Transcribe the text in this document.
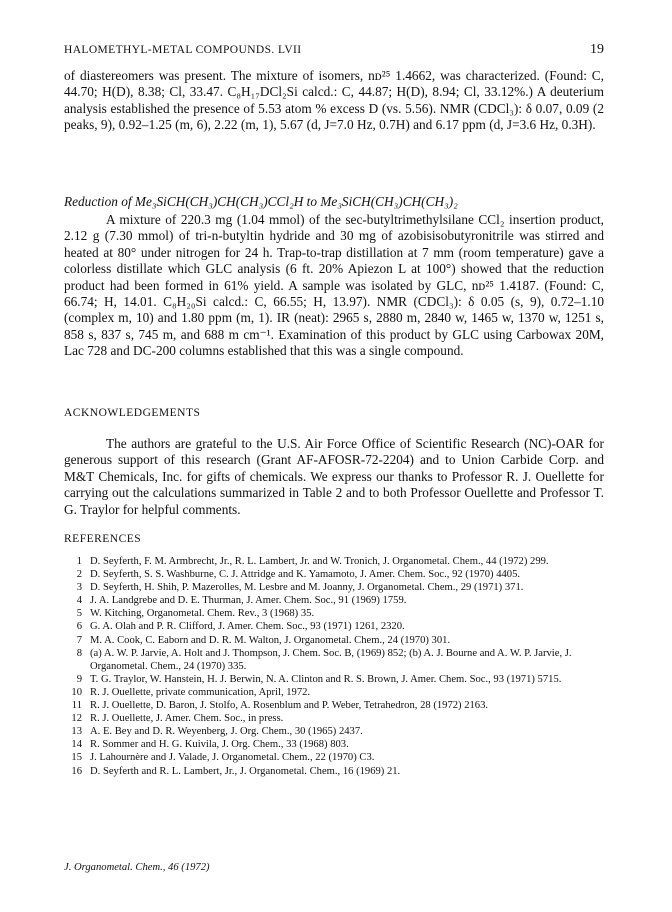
HALOMETHYL-METAL COMPOUNDS. LVII	19

of diastereomers was present. The mixture of isomers, nᴅ²⁵ 1.4662, was characterized. (Found: C, 44.70; H(D), 8.38; Cl, 33.47. C₈H₁₇DCl₂Si calcd.: C, 44.87; H(D), 8.94; Cl, 33.12%.) A deuterium analysis established the presence of 5.53 atom % excess D (vs. 5.56). NMR (CDCl₃): δ 0.07, 0.09 (2 peaks, 9), 0.92–1.25 (m, 6), 2.22 (m, 1), 5.67 (d, J=7.0 Hz, 0.7H) and 6.17 ppm (d, J=3.6 Hz, 0.3H).

Reduction of Me₃SiCH(CH₃)CH(CH₃)CCl₂H to Me₃SiCH(CH₃)CH(CH₃)₂

A mixture of 220.3 mg (1.04 mmol) of the sec-butyltrimethylsilane CCl₂ insertion product, 2.12 g (7.30 mmol) of tri-n-butyltin hydride and 30 mg of azobisisobutyronitrile was stirred and heated at 80° under nitrogen for 24 h. Trap-to-trap distillation at 7 mm (room temperature) gave a colorless distillate which GLC analysis (6 ft. 20% Apiezon L at 100°) showed that the reduction product had been formed in 61% yield. A sample was isolated by GLC, nᴅ²⁵ 1.4187. (Found: C, 66.74; H, 14.01. C₈H₂₀Si calcd.: C, 66.55; H, 13.97). NMR (CDCl₃): δ 0.05 (s, 9), 0.72–1.10 (complex m, 10) and 1.80 ppm (m, 1). IR (neat): 2965 s, 2880 m, 2840 w, 1465 w, 1370 w, 1251 s, 858 s, 837 s, 745 m, and 688 m cm⁻¹. Examination of this product by GLC using Carbowax 20M, Lac 728 and DC-200 columns established that this was a single compound.

ACKNOWLEDGEMENTS

The authors are grateful to the U.S. Air Force Office of Scientific Research (NC)-OAR for generous support of this research (Grant AF-AFOSR-72-2204) and to Union Carbide Corp. and M&T Chemicals, Inc. for gifts of chemicals. We express our thanks to Professor R. J. Ouellette for carrying out the calculations summarized in Table 2 and to both Professor Ouellette and Professor T. G. Traylor for helpful comments.

REFERENCES

1 D. Seyferth, F. M. Armbrecht, Jr., R. L. Lambert, Jr. and W. Tronich, J. Organometal. Chem., 44 (1972) 299.

2 D. Seyferth, S. S. Washburne, C. J. Attridge and K. Yamamoto, J. Amer. Chem. Soc., 92 (1970) 4405.

3 D. Seyferth, H. Shih, P. Mazerolles, M. Lesbre and M. Joanny, J. Organometal. Chem., 29 (1971) 371.

4 J. A. Landgrebe and D. E. Thurman, J. Amer. Chem. Soc., 91 (1969) 1759.

5 W. Kitching, Organometal. Chem. Rev., 3 (1968) 35.

6 G. A. Olah and P. R. Clifford, J. Amer. Chem. Soc., 93 (1971) 1261, 2320.

7 M. A. Cook, C. Eaborn and D. R. M. Walton, J. Organometal. Chem., 24 (1970) 301.

8 (a) A. W. P. Jarvie, A. Holt and J. Thompson, J. Chem. Soc. B, (1969) 852; (b) A. J. Bourne and A. W. P. Jarvie, J. Organometal. Chem., 24 (1970) 335.

9 T. G. Traylor, W. Hanstein, H. J. Berwin, N. A. Clinton and R. S. Brown, J. Amer. Chem. Soc., 93 (1971) 5715.

10 R. J. Ouellette, private communication, April, 1972.

11 R. J. Ouellette, D. Baron, J. Stolfo, A. Rosenblum and P. Weber, Tetrahedron, 28 (1972) 2163.

12 R. J. Ouellette, J. Amer. Chem. Soc., in press.

13 A. E. Bey and D. R. Weyenberg, J. Org. Chem., 30 (1965) 2437.

14 R. Sommer and H. G. Kuivila, J. Org. Chem., 33 (1968) 803.

15 J. Lahournère and J. Valade, J. Organometal. Chem., 22 (1970) C3.

16 D. Seyferth and R. L. Lambert, Jr., J. Organometal. Chem., 16 (1969) 21.

J. Organometal. Chem., 46 (1972)
